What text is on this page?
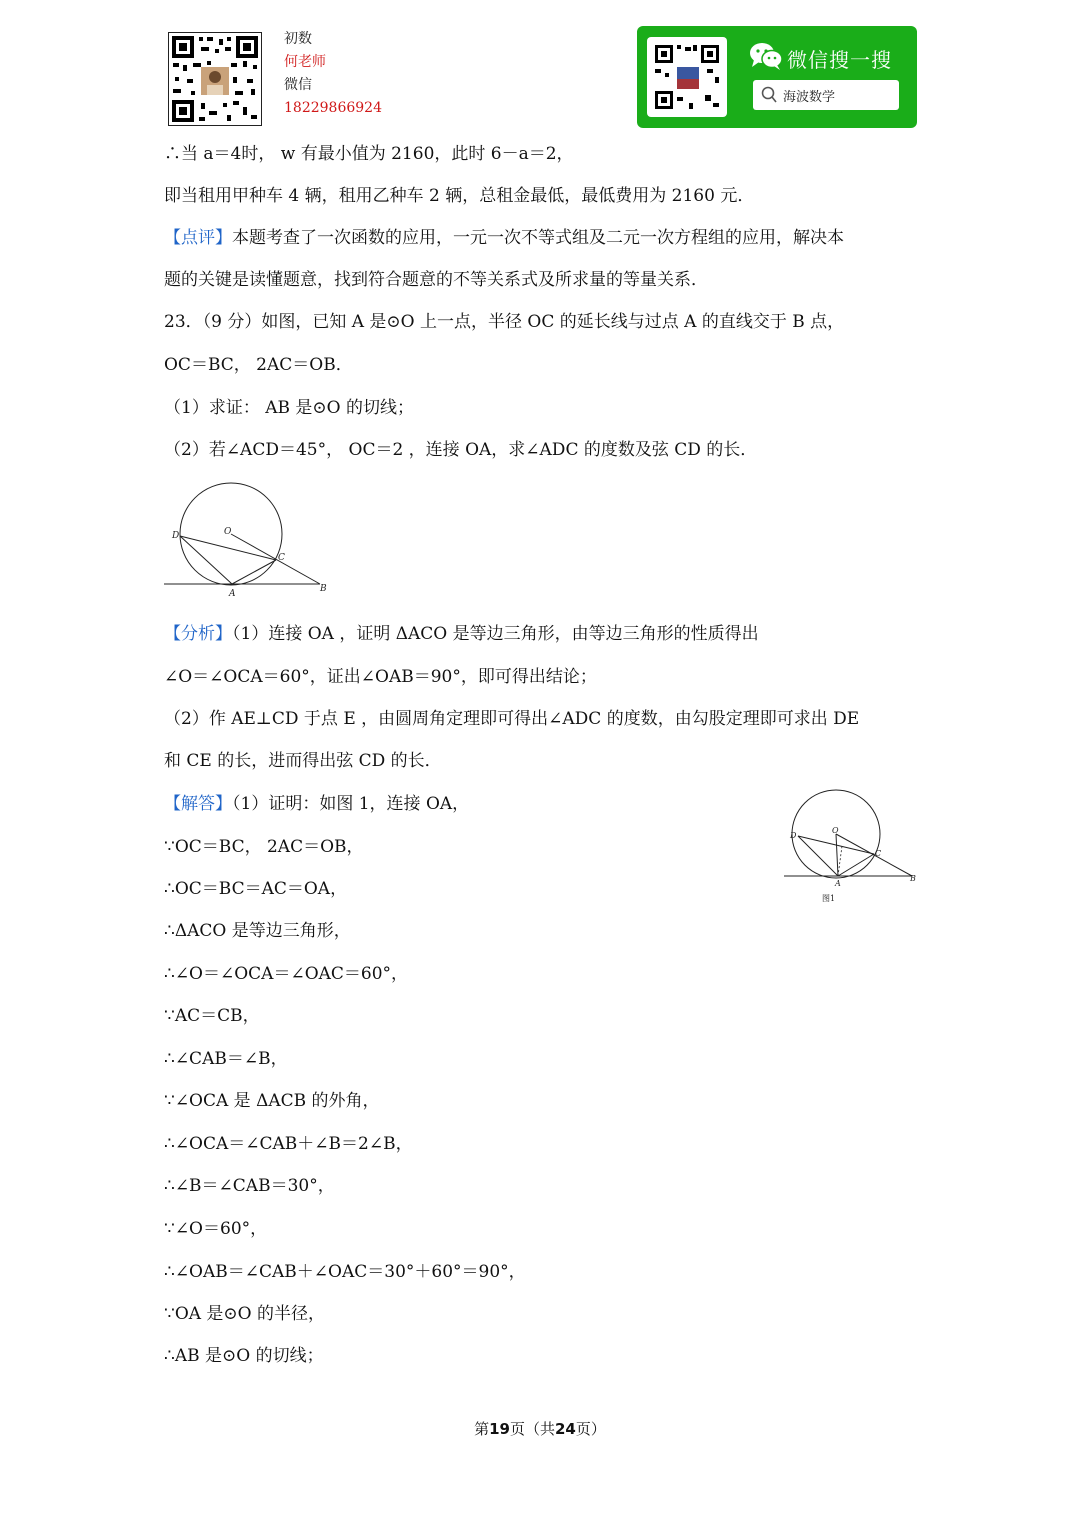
初数
何老师
微信
18229866924
微信搜一搜
海波数学
∴当 a＝4时， w 有最小值为 2160，此时 6－a＝2，
即当租用甲种车 4 辆，租用乙种车 2 辆，总租金最低，最低费用为 2160 元．
【点评】本题考查了一次函数的应用，一元一次不等式组及二元一次方程组的应用，解决本
题的关键是读懂题意，找到符合题意的不等关系式及所求量的等量关系．
23．（9 分）如图，已知 A 是⊙O 上一点，半径 OC 的延长线与过点 A 的直线交于 B 点，
OC＝BC， 2AC＝OB．
（1）求证： AB 是⊙O 的切线；
（2）若∠ACD＝45°， OC＝2 ，连接 OA，求∠ADC 的度数及弦 CD 的长．
D	O
C
A	B
【分析】（1）连接 OA ，证明 ΔACO 是等边三角形，由等边三角形的性质得出
∠O＝∠OCA＝60°，证出∠OAB＝90°，即可得出结论；
（2）作 AE⊥CD 于点 E ，由圆周角定理即可得出∠ADC 的度数，由勾股定理即可求出 DE
和 CE 的长，进而得出弦 CD 的长．
【解答】（1）证明：如图 1，连接 OA，
∵OC＝BC， 2AC＝OB，
∴OC＝BC＝AC＝OA，
∴ΔACO 是等边三角形，
∴∠O＝∠OCA＝∠OAC＝60°，
∵AC＝CB，
∴∠CAB＝∠B，
∵∠OCA 是 ΔACB 的外角，
∴∠OCA＝∠CAB＋∠B＝2∠B，
∴∠B＝∠CAB＝30°，
∵∠O＝60°，
∴∠OAB＝∠CAB＋∠OAC＝30°＋60°＝90°，
∵OA 是⊙O 的半径，
∴AB 是⊙O 的切线；
D
O
C
A
B
图1
第19页（共24页）
